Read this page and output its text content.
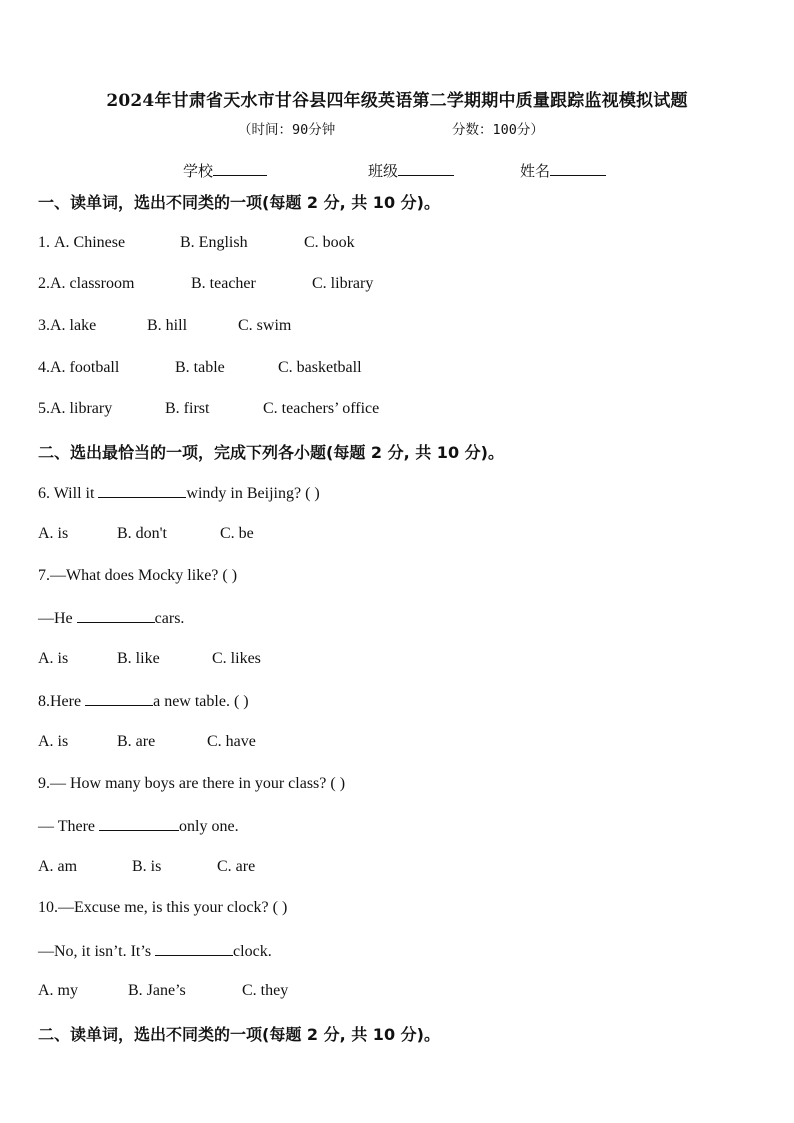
2024年甘肃省天水市甘谷县四年级英语第二学期期中质量跟踪监视模拟试题
（时间：90分钟	分数：100分）
学校	班级	姓名
一、读单词，选出不同类的一项(每题 2 分, 共 10 分)。
1. A. Chinese	B. English	C. book
2.A. classroom	B. teacher	C. library
3.A. lake	B. hill	C. swim
4.A. football	B. table	C. basketball
5.A. library	B. first	C. teachers’ office
二、选出最恰当的一项，完成下列各小题(每题 2 分, 共 10 分)。
6. Will it	windy in Beijing? ( )
A. is	B. don't	C. be
7.—What does Mocky like? ( )
—He	cars.
A. is	B. like	C. likes
8.Here	a new table. ( )
A. is	B. are	C. have
9.— How many boys are there in your class? ( )
— There	only one.
A. am	B. is	C. are
10.—Excuse me, is this your clock? ( )
—No, it isn’t. It’s	clock.
A. my	B. Jane’s	C. they
二、读单词，选出不同类的一项(每题 2 分, 共 10 分)。
